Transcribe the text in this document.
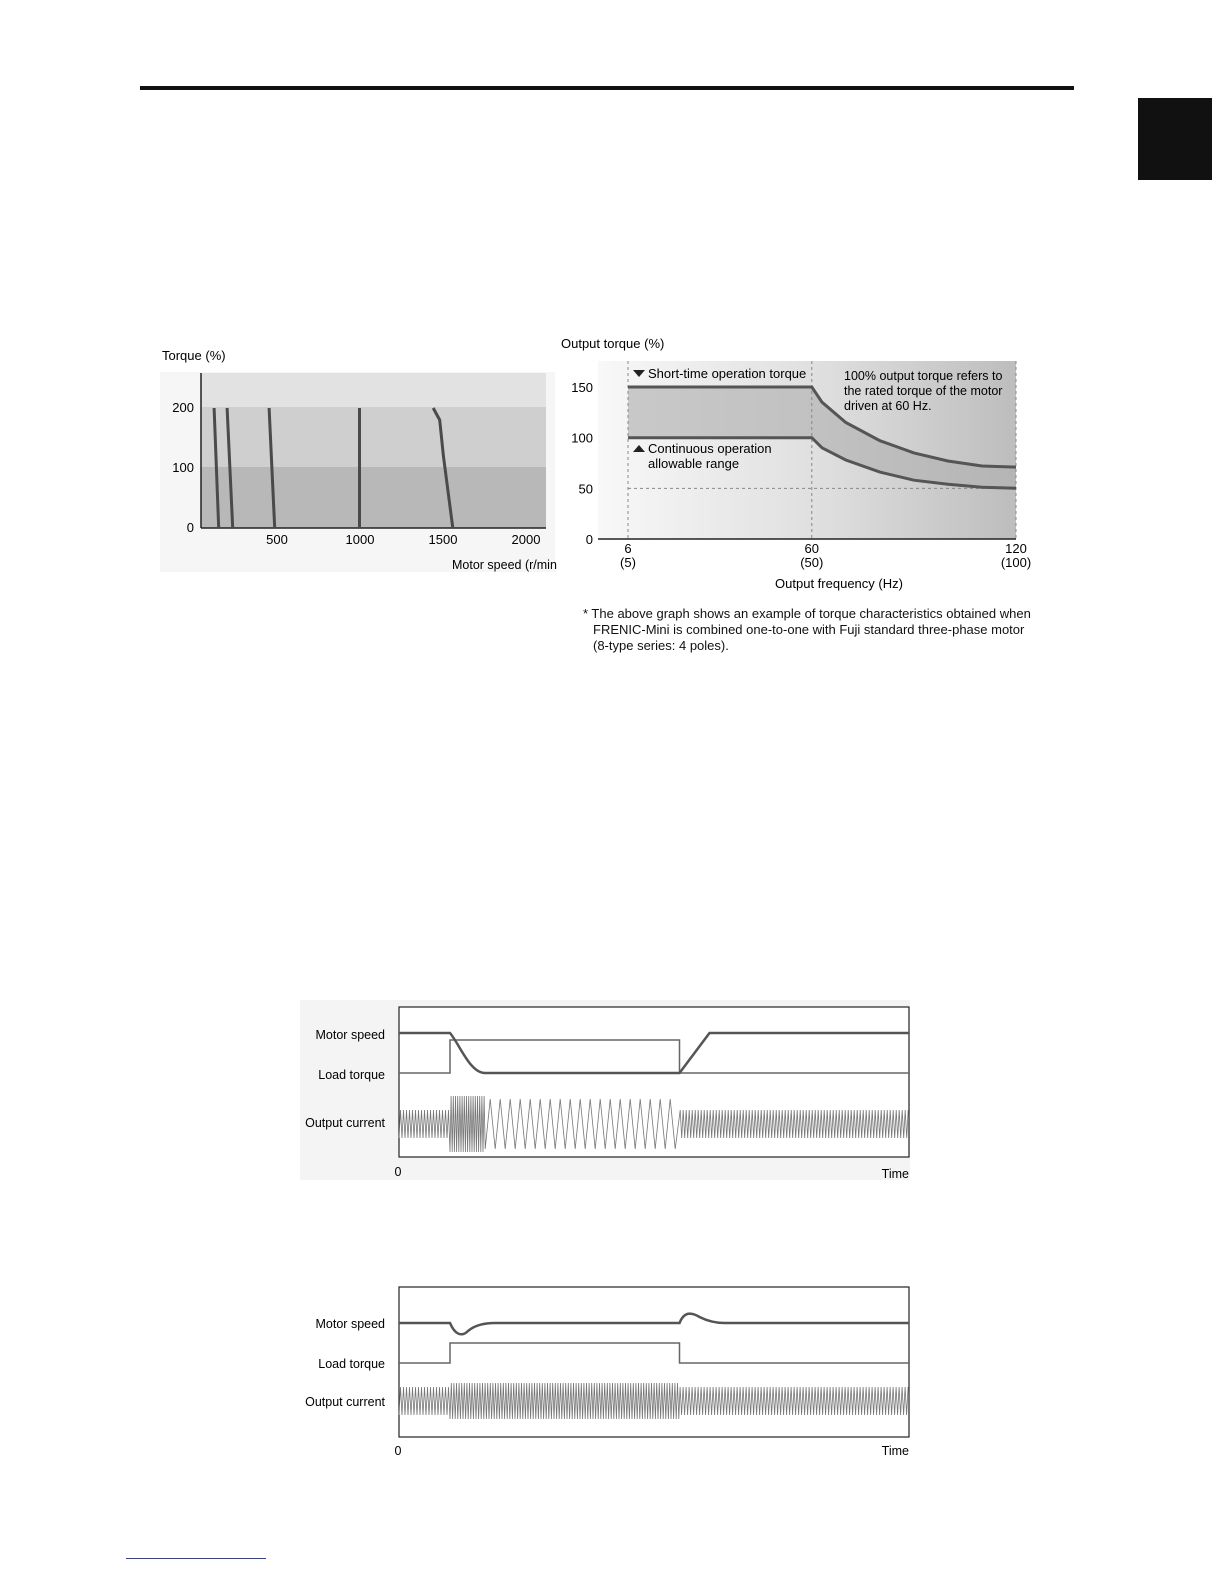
Torque (%)
0
100
200
500	1000	1500	2000
Motor speed (r/min
Output torque (%)
0
50
100
150
6
(5)
60
(50)
120
(100)
Output frequency (Hz)
Short-time operation torque
Continuous operation
allowable range
100% output torque refers to
the rated torque of the motor
driven at 60 Hz.
* The above graph shows an example of torque characteristics obtained when
FRENIC-Mini is combined one-to-one with Fuji standard three-phase motor
(8-type series: 4 poles).
Motor speed
Load torque
Output current
0	Time
Motor speed
Load torque
Output current
0	Time
